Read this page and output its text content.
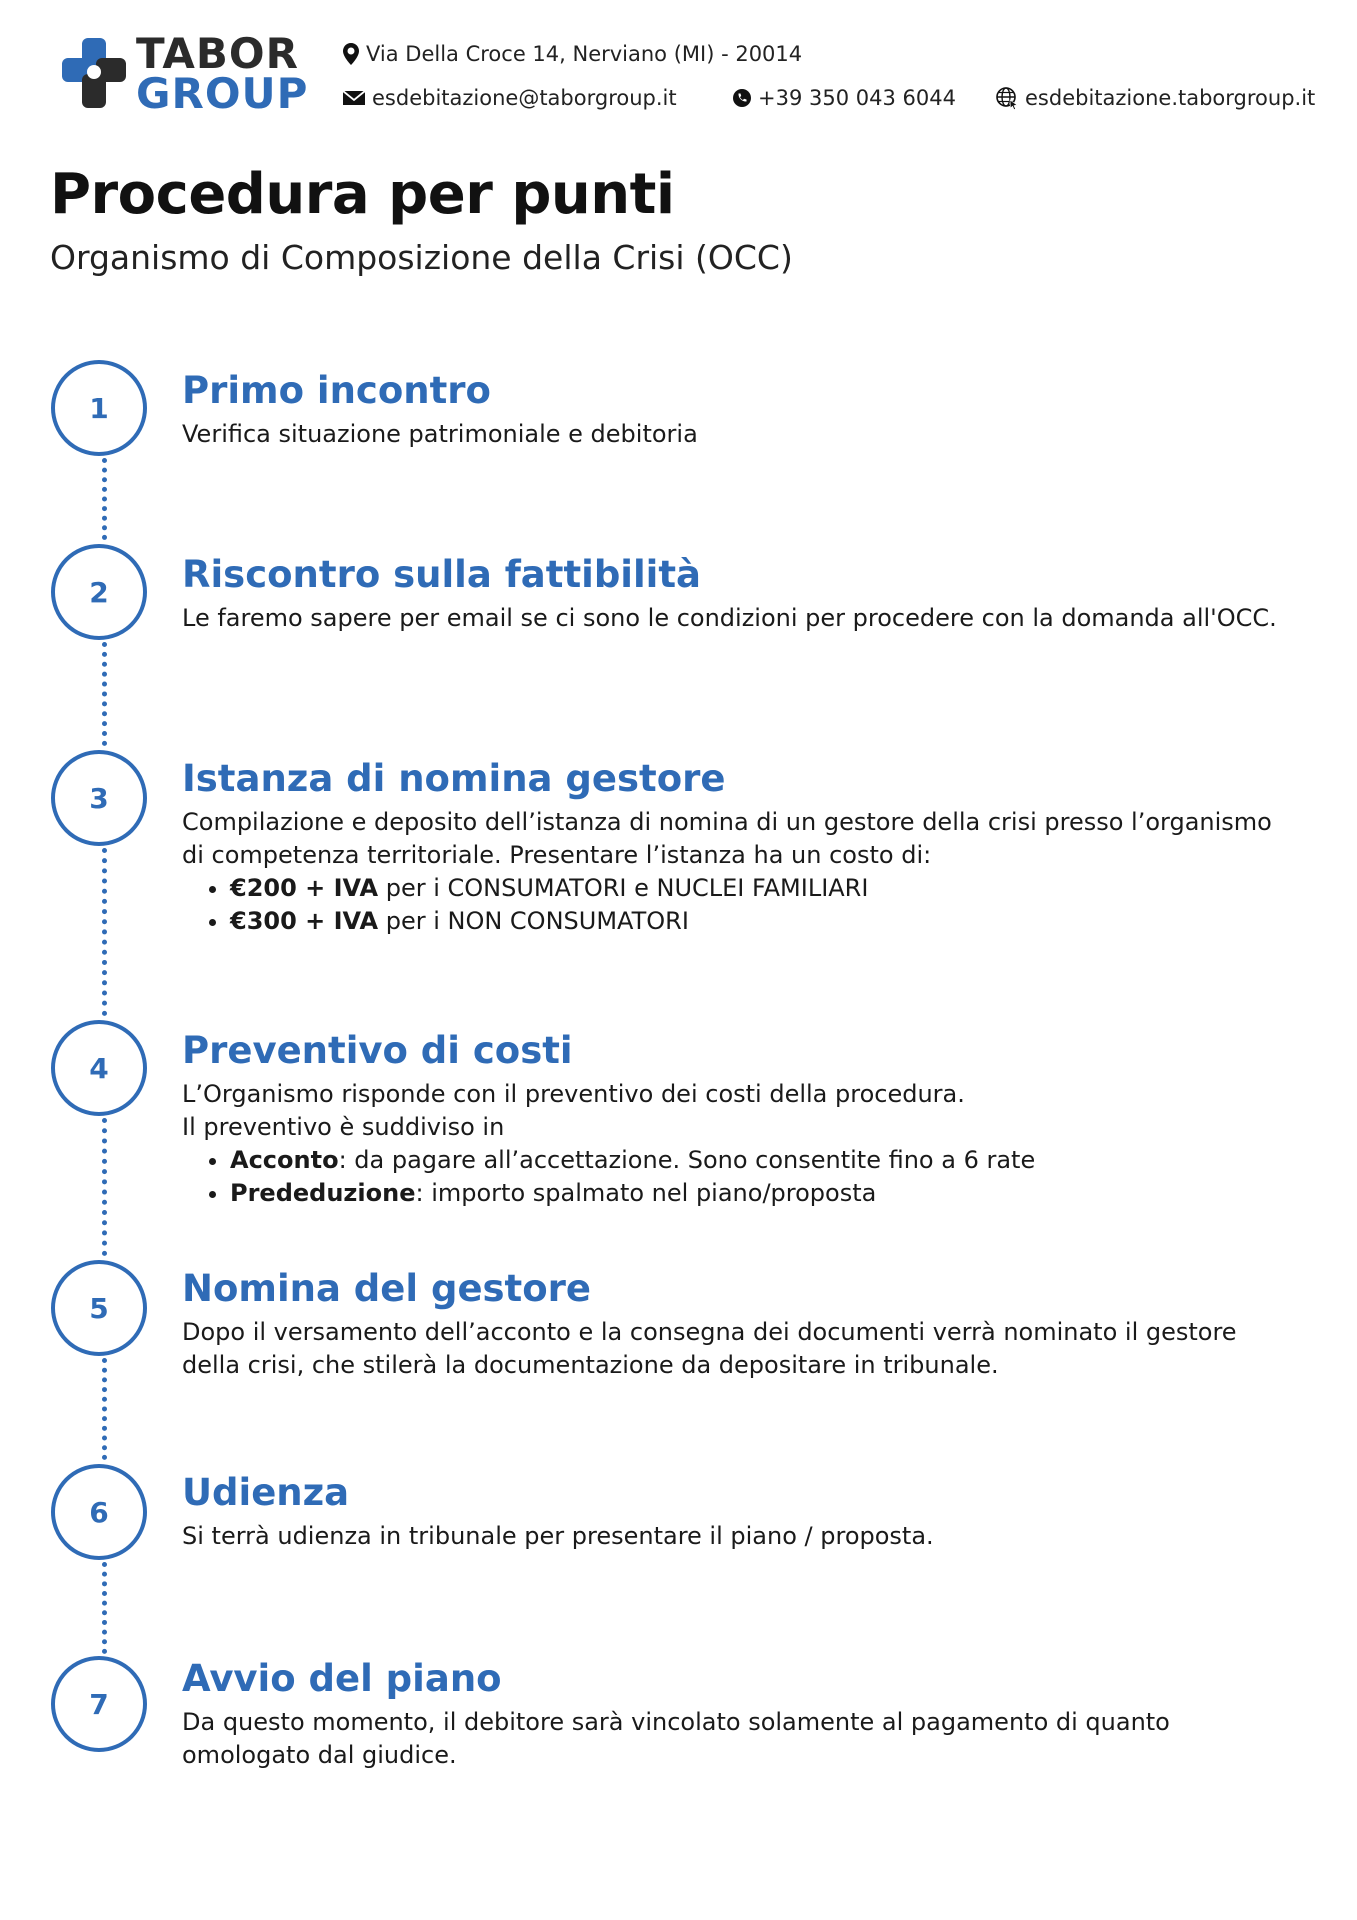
TABOR
GROUP
Via Della Croce 14, Nerviano (MI) - 20014
esdebitazione@taborgroup.it	+39 350 043 6044	esdebitazione.taborgroup.it
Procedura per punti

Organismo di Composizione della Crisi (OCC)

1	Primo incontro

Verifica situazione patrimoniale e debitoria

2	Riscontro sulla fattibilità

Le faremo sapere per email se ci sono le condizioni per procedere con la domanda all'OCC.

3	Istanza di nomina gestore

Compilazione e deposito dell’istanza di nomina di un gestore della crisi presso l’organismo di competenza territoriale. Presentare l’istanza ha un costo di:

• €200 + IVA per i CONSUMATORI e NUCLEI FAMILIARI
• €300 + IVA per i NON CONSUMATORI
4	Preventivo di costi

L’Organismo risponde con il preventivo dei costi della procedura.

Il preventivo è suddiviso in

• Acconto: da pagare all’accettazione. Sono consentite fino a 6 rate
• Prededuzione: importo spalmato nel piano/proposta
5	Nomina del gestore

Dopo il versamento dell’acconto e la consegna dei documenti verrà nominato il gestore della crisi, che stilerà la documentazione da depositare in tribunale.

6	Udienza

Si terrà udienza in tribunale per presentare il piano / proposta.

7
Avvio del piano

Da questo momento, il debitore sarà vincolato solamente al pagamento di quanto omologato dal giudice.
